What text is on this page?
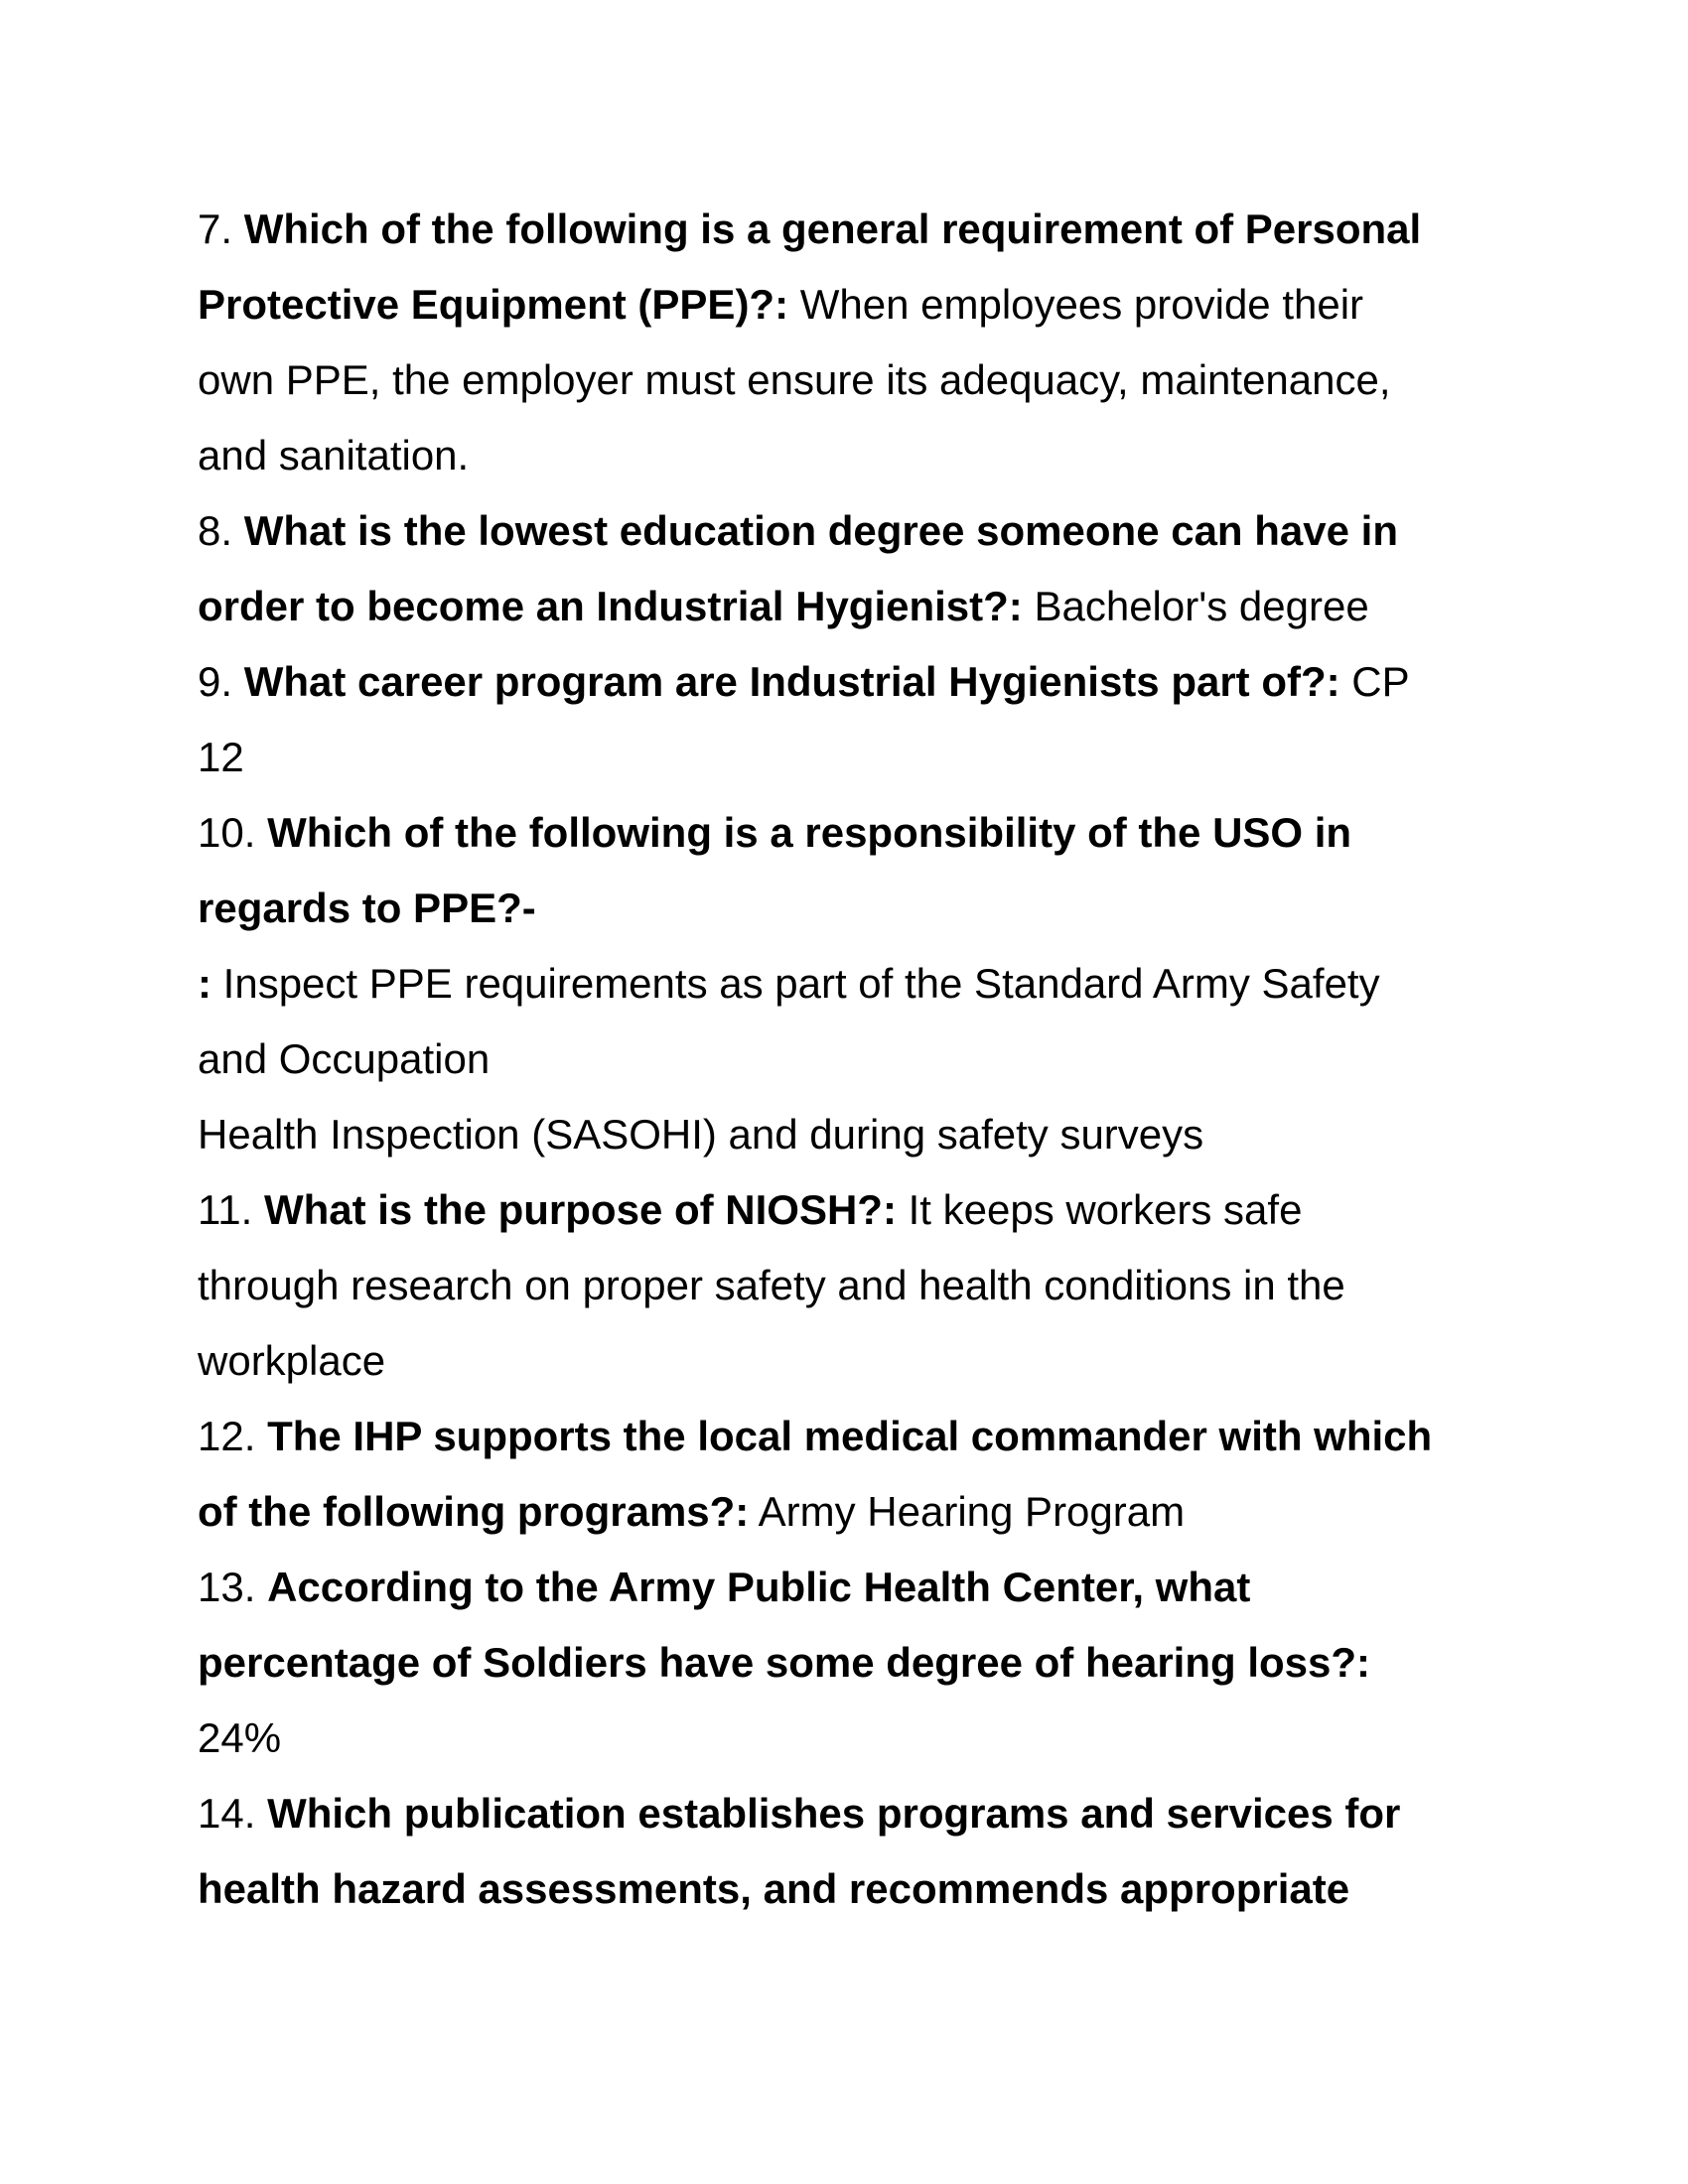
7. Which of the following is a general requirement of Personal
Protective Equipment (PPE)?: When employees provide their
own PPE, the employer must ensure its adequacy, maintenance,
and sanitation.
8. What is the lowest education degree someone can have in
order to become an Industrial Hygienist?: Bachelor's degree
9. What career program are Industrial Hygienists part of?: CP
12
10. Which of the following is a responsibility of the USO in
regards to PPE?-
: Inspect PPE requirements as part of the Standard Army Safety
and Occupation
Health Inspection (SASOHI) and during safety surveys
11. What is the purpose of NIOSH?: It keeps workers safe
through research on proper safety and health conditions in the
workplace
12. The IHP supports the local medical commander with which
of the following programs?: Army Hearing Program
13. According to the Army Public Health Center, what
percentage of Soldiers have some degree of hearing loss?:
24%
14. Which publication establishes programs and services for
health hazard assessments, and recommends appropriate
